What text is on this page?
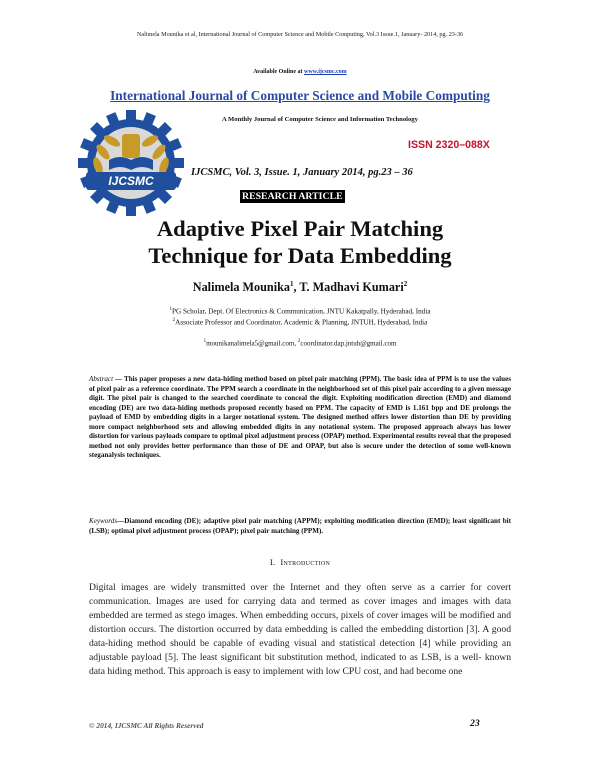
Nalimela Mounika et al, International Journal of Computer Science and Mobile Computing, Vol.3 Issue.1, January- 2014, pg. 23-36
Available Online at www.ijcsmc.com
International Journal of Computer Science and Mobile Computing
A Monthly Journal of Computer Science and Information Technology
ISSN 2320–088X
IJCSMC
IJCSMC, Vol. 3, Issue. 1, January 2014, pg.23 – 36
RESEARCH ARTICLE
Adaptive Pixel Pair Matching
Technique for Data Embedding
Nalimela Mounika$^1$, T. Madhavi Kumari$^2$
$^1$PG Scholar, Dept. Of Electronics & Communication, JNTU Kakatpally, Hyderabad, India
$^2$Associate Professor and Coordinator, Academic & Planning, JNTUH, Hyderabad, India
$^1$mounikanalimela5@gmail.com, $^2$coordinator.dap.jntuh@gmail.com
Abstract — This paper proposes a new data-hiding method based on pixel pair matching (PPM). The basic idea of PPM is to use the values of pixel pair as a reference coordinate. The PPM search a coordinate in the neighborhood set of this pixel pair according to a given message digit. The pixel pair is changed to the searched coordinate to conceal the digit. Exploiting modification direction (EMD) and diamond encoding (DE) are two data-hiding methods proposed recently based on PPM. The capacity of EMD is 1.161 bpp and DE prolongs the payload of EMD by embedding digits in a larger notational system. The designed method offers lower distortion than DE by providing more compact neighborhood sets and allowing embedded digits in any notational system. The proposed approach always has lower distortion for various payloads compare to optimal pixel adjustment process (OPAP) method. Experimental results reveal that the proposed method not only provides better performance than those of DE and OPAP, but also is secure under the detection of some well-known steganalysis techniques.
Keywords—Diamond encoding (DE); adaptive pixel pair matching (APPM); exploiting modification direction (EMD); least significant bit (LSB); optimal pixel adjustment process (OPAP); pixel pair matching (PPM).
I. Introduction
Digital images are widely transmitted over the Internet and they often serve as a carrier for covert communication. Images are used for carrying data and termed as cover images and images with data embedded are termed as stego images. When embedding occurs, pixels of cover images will be modified and distortion occurs. The distortion occurred by data embedding is called the embedding distortion [3]. A good data-hiding method should be capable of evading visual and statistical detection [4] while providing an adjustable payload [5]. The least significant bit substitution method, indicated to as LSB, is a well- known data hiding method. This approach is easy to implement with low CPU cost, and had become one
© 2014, IJCSMC All Rights Reserved	23
